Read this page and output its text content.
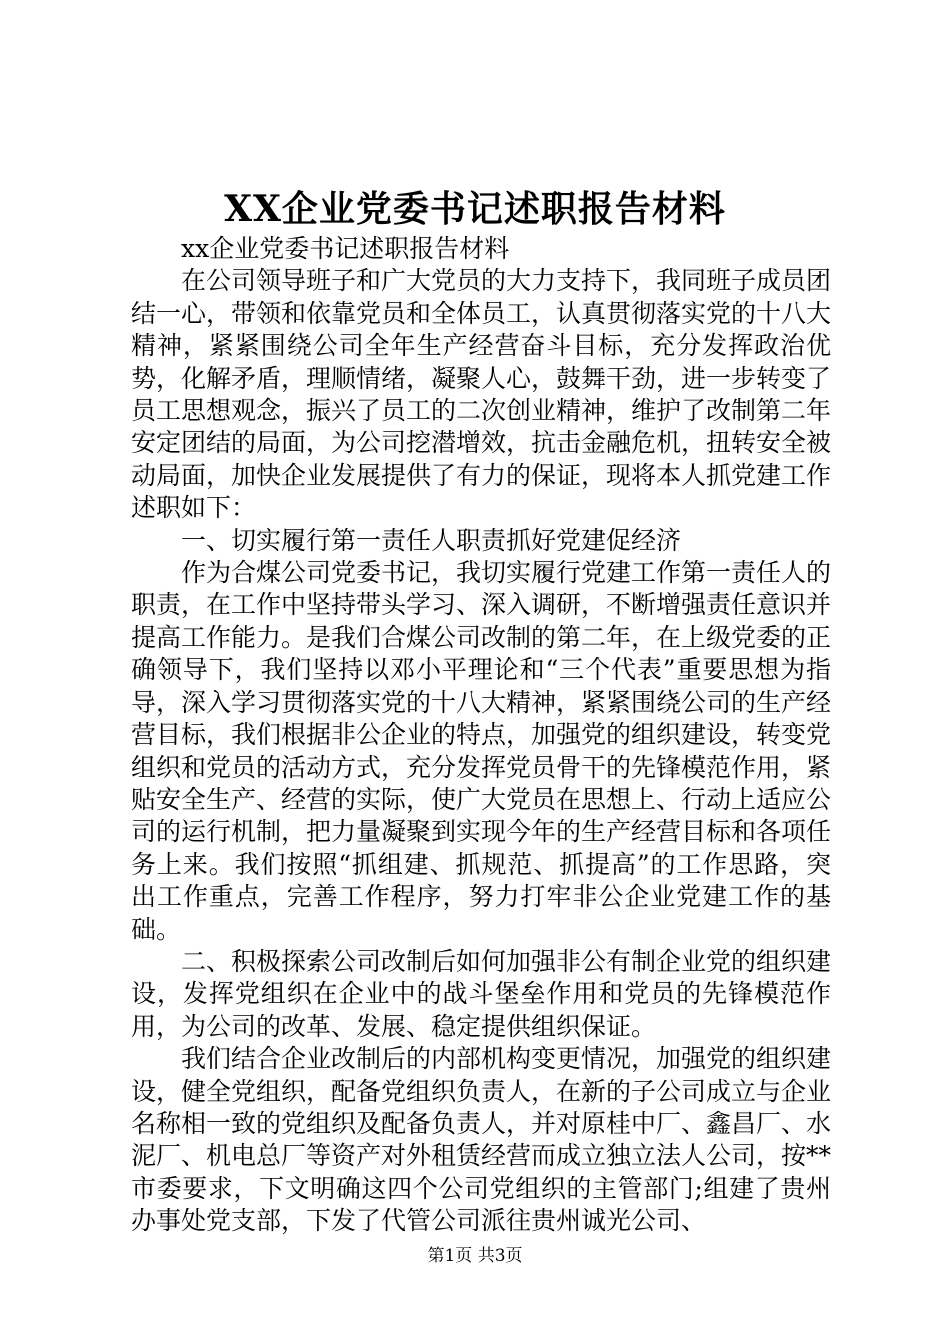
XX企业党委书记述职报告材料

xx企业党委书记述职报告材料

在公司领导班子和广大党员的大力支持下，我同班子成员团结一心，带领和依靠党员和全体员工，认真贯彻落实党的十八大精神，紧紧围绕公司全年生产经营奋斗目标，充分发挥政治优势，化解矛盾，理顺情绪，凝聚人心，鼓舞干劲，进一步转变了员工思想观念，振兴了员工的二次创业精神，维护了改制第二年安定团结的局面，为公司挖潜增效，抗击金融危机，扭转安全被动局面，加快企业发展提供了有力的保证，现将本人抓党建工作述职如下：

一、切实履行第一责任人职责抓好党建促经济

作为合煤公司党委书记，我切实履行党建工作第一责任人的职责，在工作中坚持带头学习、深入调研，不断增强责任意识并提高工作能力。是我们合煤公司改制的第二年，在上级党委的正确领导下，我们坚持以邓小平理论和“三个代表”重要思想为指导，深入学习贯彻落实党的十八大精神，紧紧围绕公司的生产经营目标，我们根据非公企业的特点，加强党的组织建设，转变党组织和党员的活动方式，充分发挥党员骨干的先锋模范作用，紧贴安全生产、经营的实际，使广大党员在思想上、行动上适应公司的运行机制，把力量凝聚到实现今年的生产经营目标和各项任务上来。我们按照“抓组建、抓规范、抓提高”的工作思路，突出工作重点，完善工作程序，努力打牢非公企业党建工作的基础。

二、积极探索公司改制后如何加强非公有制企业党的组织建设，发挥党组织在企业中的战斗堡垒作用和党员的先锋模范作用，为公司的改革、发展、稳定提供组织保证。

我们结合企业改制后的内部机构变更情况，加强党的组织建设，健全党组织，配备党组织负责人，在新的子公司成立与企业名称相一致的党组织及配备负责人，并对原桂中厂、鑫昌厂、水泥厂、机电总厂等资产对外租赁经营而成立独立法人公司，按**市委要求，下文明确这四个公司党组织的主管部门;组建了贵州办事处党支部，下发了代管公司派往贵州诚光公司、

第1页 共3页
